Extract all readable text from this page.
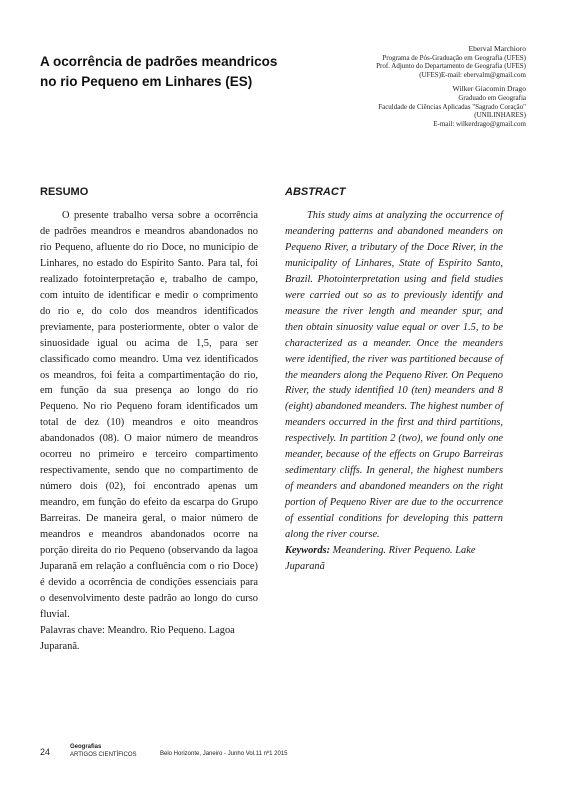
A ocorrência de padrões meandricos no rio Pequeno em Linhares (ES)
Eberval Marchioro
Programa de Pós-Graduação em Geografia (UFES)
Prof. Adjunto do Departamento de Geografia (UFES)
(UFES)E-mail: ebervalm@gmail.com
Wilker Giacomin Drago
Graduado em Geografia
Faculdade de Ciências Aplicadas "Sagrado Coração"
(UNILINHARES)
E-mail: wilkerdrago@gmail.com
RESUMO

O presente trabalho versa sobre a ocorrência de padrões meandros e meandros abandonados no rio Pequeno, afluente do rio Doce, no município de Linhares, no estado do Espírito Santo. Para tal, foi realizado fotointerpretação e, trabalho de campo, com intuito de identificar e medir o comprimento do rio e, do colo dos meandros identificados previamente, para posteriormente, obter o valor de sinuosidade igual ou acima de 1,5, para ser classificado como meandro. Uma vez identificados os meandros, foi feita a compartimentação do rio, em função da sua presença ao longo do rio Pequeno. No rio Pequeno foram identificados um total de dez (10) meandros e oito meandros abandonados (08). O maior número de meandros ocorreu no primeiro e terceiro compartimento respectivamente, sendo que no compartimento de número dois (02), foi encontrado apenas um meandro, em função do efeito da escarpa do Grupo Barreiras. De maneira geral, o maior número de meandros e meandros abandonados ocorre na porção direita do rio Pequeno (observando da lagoa Juparanã em relação a confluência com o rio Doce) é devido a ocorrência de condições essenciais para o desenvolvimento deste padrão ao longo do curso fluvial.

Palavras chave: Meandro. Rio Pequeno. Lagoa Juparanã.

ABSTRACT

This study aims at analyzing the occurrence of meandering patterns and abandoned meanders on Pequeno River, a tributary of the Doce River, in the municipality of Linhares, State of Espírito Santo, Brazil. Photointerpretation using and field studies were carried out so as to previously identify and measure the river length and meander spur, and then obtain sinuosity value equal or over 1.5, to be characterized as a meander. Once the meanders were identified, the river was partitioned because of the meanders along the Pequeno River. On Pequeno River, the study identified 10 (ten) meanders and 8 (eight) abandoned meanders. The highest number of meanders occurred in the first and third partitions, respectively. In partition 2 (two), we found only one meander, because of the effects on Grupo Barreiras sedimentary cliffs. In general, the highest numbers of meanders and abandoned meanders on the right portion of Pequeno River are due to the occurrence of essential conditions for developing this pattern along the river course.

Keywords: Meandering. River Pequeno. Lake Juparanã

24	Geografias
ARTIGOS CIENTÍFICOS	Belo Horizonte, Janeiro - Junho Vol.11 nº1 2015
